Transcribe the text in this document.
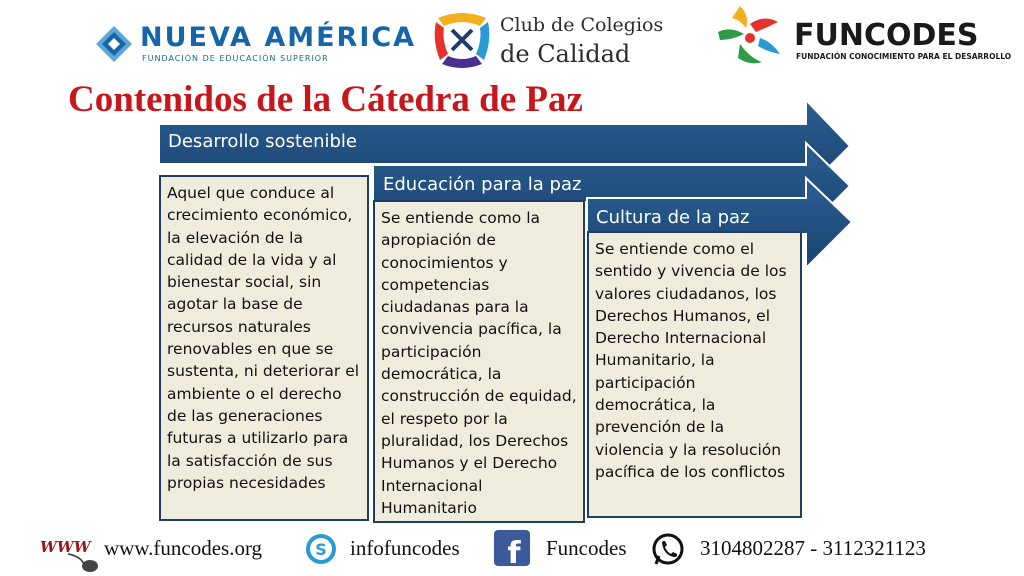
NUEVA AMÉRICA
FUNDACIÓN DE EDUCACIÓN SUPERIOR
Club de Colegios
de Calidad
FUNCODES
FUNDACIÓN CONOCIMIENTO PARA EL DESARROLLO
Contenidos de la Cátedra de Paz
Desarrollo sostenible
Educación para la paz
Cultura de la paz
Aquel que conduce al crecimiento económico, la elevación de la calidad de la vida y al bienestar social, sin agotar la base de recursos naturales renovables en que se sustenta, ni deteriorar el ambiente o el derecho de las generaciones futuras a utilizarlo para la satisfacción de sus propias necesidades
Se entiende como la apropiación de conocimientos y competencias ciudadanas para la convivencia pacífica, la participación democrática, la construcción de equidad, el respeto por la pluralidad, los Derechos Humanos y el Derecho Internacional Humanitario
Se entiende como el sentido y vivencia de los valores ciudadanos, los Derechos Humanos, el Derecho Internacional Humanitario, la participación democrática, la prevención de la violencia y la resolución pacífica de los conflictos
WWW www.funcodes.org	S infofuncodes f Funcodes	3104802287 - 3112321123
